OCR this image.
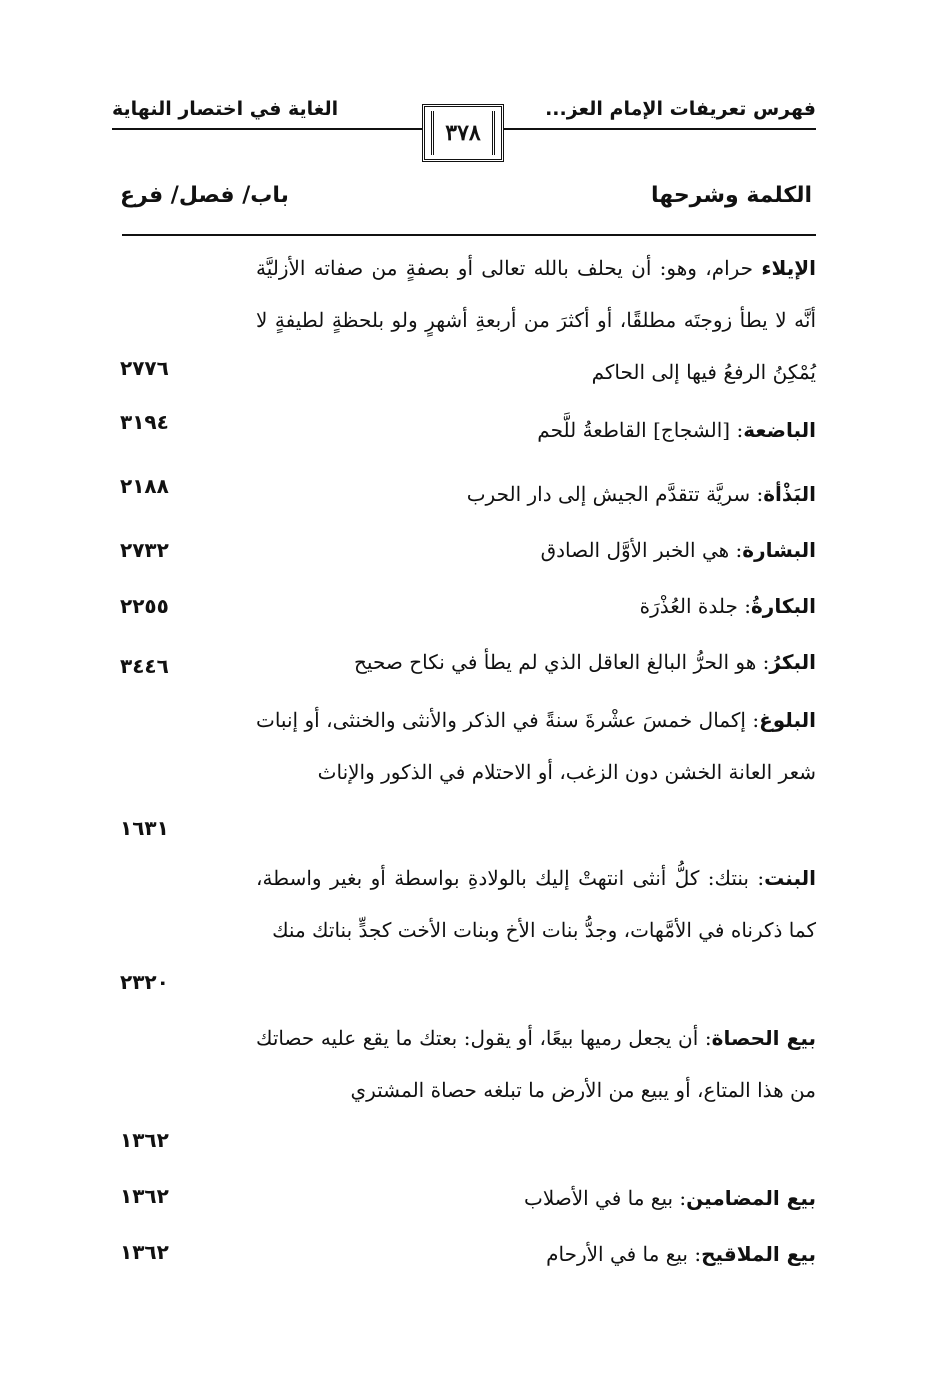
فهرس تعريفات الإمام العز...
الغاية في اختصار النهاية
٣٧٨
الكلمة وشرحها
باب/ فصل/ فرع
الإيلاء حرام، وهو: أن يحلف بالله تعالى أو بصفةٍ من صفاته الأزليَّة أنَّه لا يطأ زوجتَه مطلقًا، أو أكثرَ من أربعةِ أشهرٍ ولو بلحظةٍ لطيفةٍ لا يُمْكِنُ الرفعُ فيها إلى الحاكم
الباضعة: [الشجاج] القاطعةُ للَّحم
البَذْأة: سريَّة تتقدَّم الجيش إلى دار الحرب
البشارة: هي الخبر الأوَّل الصادق
البكارةُ: جلدة العُذْرَة
البكرُ: هو الحرُّ البالغ العاقل الذي لم يطأ في نكاح صحيح
البلوغ: إكمال خمسَ عشْرةَ سنةً في الذكر والأنثى والخنثى، أو إنبات شعر العانة الخشن دون الزغب، أو الاحتلام في الذكور والإناث
البنت: بنتك: كلُّ أنثى انتهتْ إليك بالولادةِ بواسطة أو بغير واسطة، كما ذكرناه في الأمَّهات، وجدُّ بنات الأخ وبنات الأخت كجدٍّ بناتك منك
بيع الحصاة: أن يجعل رميها بيعًا، أو يقول: بعتك ما يقع عليه حصاتك من هذا المتاع، أو يبيع من الأرض ما تبلغه حصاة المشتري
بيع المضامين: بيع ما في الأصلاب
بيع الملاقيح: بيع ما في الأرحام
٢٧٧٦
٣١٩٤
٢١٨٨
٢٧٣٢
٢٢٥٥
٣٤٤٦
١٦٣١
٢٣٢٠
١٣٦٢
١٣٦٢
١٣٦٢
